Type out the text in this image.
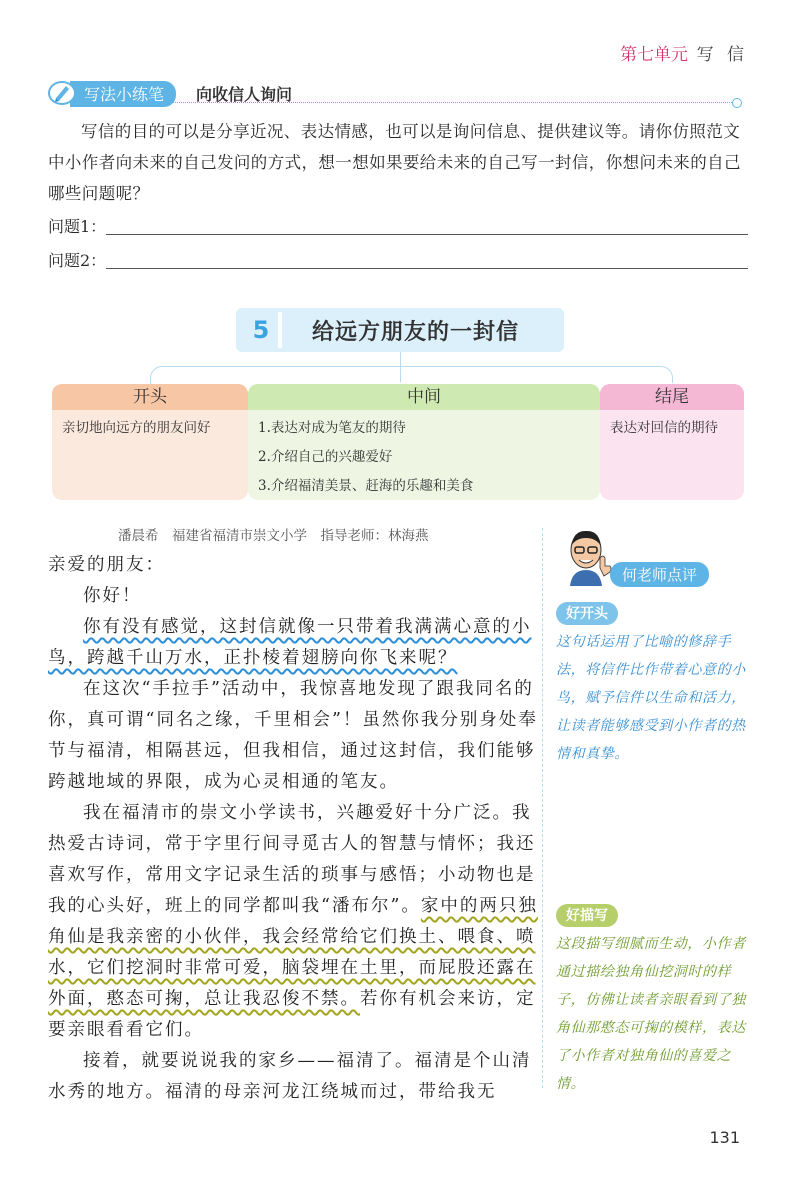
第七单元 写 信
写法小练笔	向收信人询问
写信的目的可以是分享近况、表达情感，也可以是询问信息、提供建议等。请你仿照范文中小作者向未来的自己发问的方式，想一想如果要给未来的自己写一封信，你想问未来的自己哪些问题呢？
问题1：
问题2：
5	给远方朋友的一封信
开头
亲切地向远方的朋友问好
中间
1.表达对成为笔友的期待
2.介绍自己的兴趣爱好
3.介绍福清美景、赶海的乐趣和美食
结尾
表达对回信的期待
潘晨希　福建省福清市崇文小学　指导老师：林海燕

亲爱的朋友：

你好！

你有没有感觉，这封信就像一只带着我满满心意的小鸟，跨越千山万水，正扑棱着翅膀向你飞来呢？

在这次“手拉手”活动中，我惊喜地发现了跟我同名的你，真可谓“同名之缘，千里相会”！虽然你我分别身处奉节与福清，相隔甚远，但我相信，通过这封信，我们能够跨越地域的界限，成为心灵相通的笔友。

我在福清市的崇文小学读书，兴趣爱好十分广泛。我热爱古诗词，常于字里行间寻觅古人的智慧与情怀；我还喜欢写作，常用文字记录生活的琐事与感悟；小动物也是我的心头好，班上的同学都叫我“潘布尔”。家中的两只独角仙是我亲密的小伙伴，我会经常给它们换土、喂食、喷水，它们挖洞时非常可爱，脑袋埋在土里，而屁股还露在外面，憨态可掬，总让我忍俊不禁。若你有机会来访，定要亲眼看看它们。

接着，就要说说我的家乡——福清了。福清是个山清水秀的地方。福清的母亲河龙江绕城而过，带给我无

何老师点评
好开头
这句话运用了比喻的修辞手法，将信件比作带着心意的小鸟，赋予信件以生命和活力，让读者能够感受到小作者的热情和真挚。
好描写
这段描写细腻而生动，小作者通过描绘独角仙挖洞时的样子，仿佛让读者亲眼看到了独角仙那憨态可掬的模样，表达了小作者对独角仙的喜爱之情。
131
